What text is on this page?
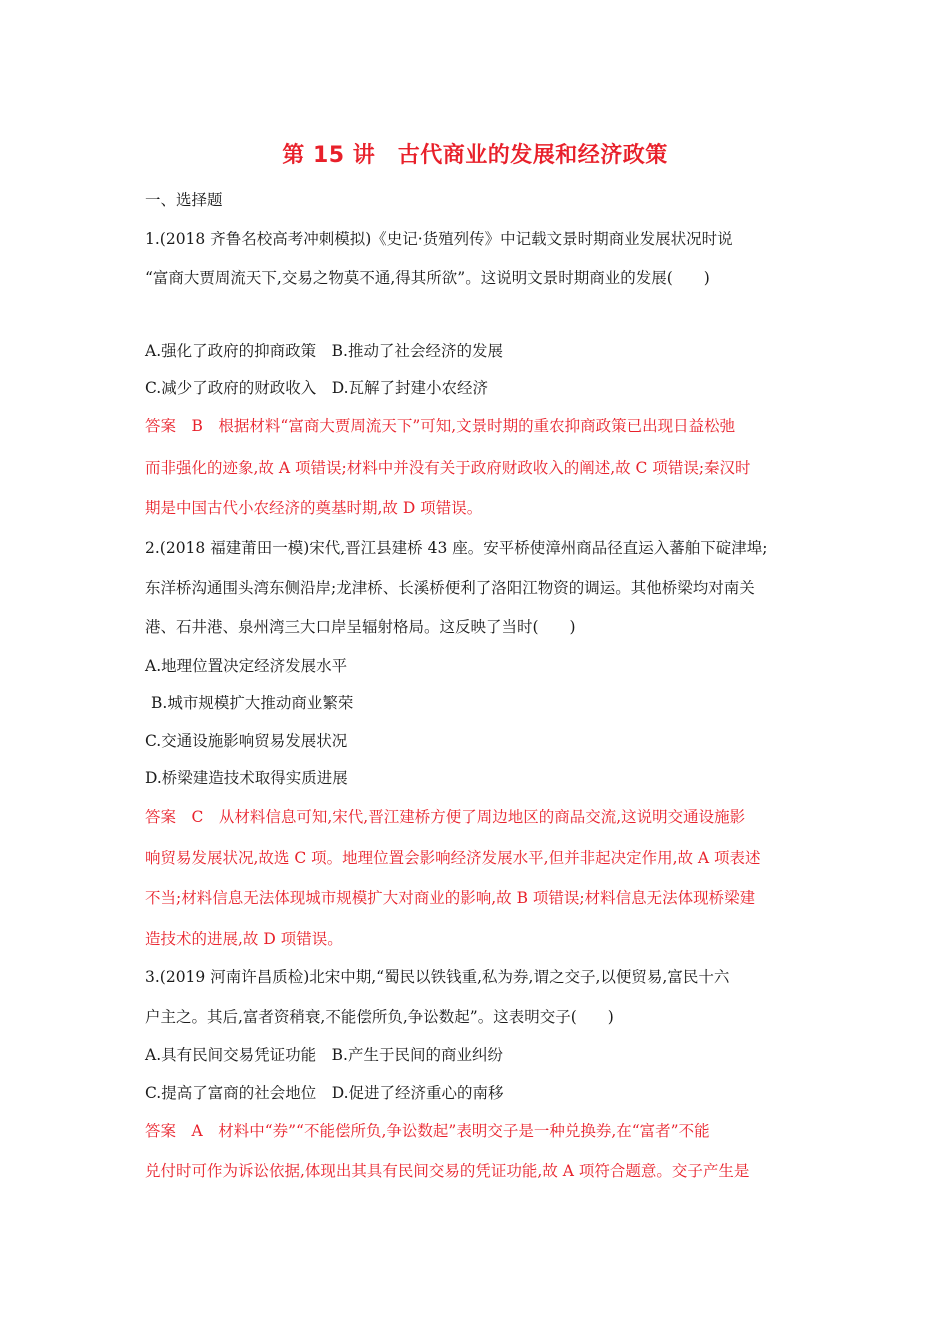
第 15 讲　古代商业的发展和经济政策
一、选择题
1.(2018 齐鲁名校高考冲刺模拟)《史记·货殖列传》中记载文景时期商业发展状况时说
“富商大贾周流天下,交易之物莫不通,得其所欲”。这说明文景时期商业的发展(　　)
A.强化了政府的抑商政策　B.推动了社会经济的发展
C.减少了政府的财政收入　D.瓦解了封建小农经济
答案　B　根据材料“富商大贾周流天下”可知,文景时期的重农抑商政策已出现日益松弛
而非强化的迹象,故 A 项错误;材料中并没有关于政府财政收入的阐述,故 C 项错误;秦汉时
期是中国古代小农经济的奠基时期,故 D 项错误。
2.(2018 福建莆田一模)宋代,晋江县建桥 43 座。安平桥使漳州商品径直运入蕃舶下碇津埠;
东洋桥沟通围头湾东侧沿岸;龙津桥、长溪桥便利了洛阳江物资的调运。其他桥梁均对南关
港、石井港、泉州湾三大口岸呈辐射格局。这反映了当时(　　)
A.地理位置决定经济发展水平
B.城市规模扩大推动商业繁荣
C.交通设施影响贸易发展状况
D.桥梁建造技术取得实质进展
答案　C　从材料信息可知,宋代,晋江建桥方便了周边地区的商品交流,这说明交通设施影
响贸易发展状况,故选 C 项。地理位置会影响经济发展水平,但并非起决定作用,故 A 项表述
不当;材料信息无法体现城市规模扩大对商业的影响,故 B 项错误;材料信息无法体现桥梁建
造技术的进展,故 D 项错误。
3.(2019 河南许昌质检)北宋中期,“蜀民以铁钱重,私为券,谓之交子,以便贸易,富民十六
户主之。其后,富者资稍衰,不能偿所负,争讼数起”。这表明交子(　　)
A.具有民间交易凭证功能　B.产生于民间的商业纠纷
C.提高了富商的社会地位　D.促进了经济重心的南移
答案　A　材料中“券”“不能偿所负,争讼数起”表明交子是一种兑换券,在“富者”不能
兑付时可作为诉讼依据,体现出其具有民间交易的凭证功能,故 A 项符合题意。交子产生是
